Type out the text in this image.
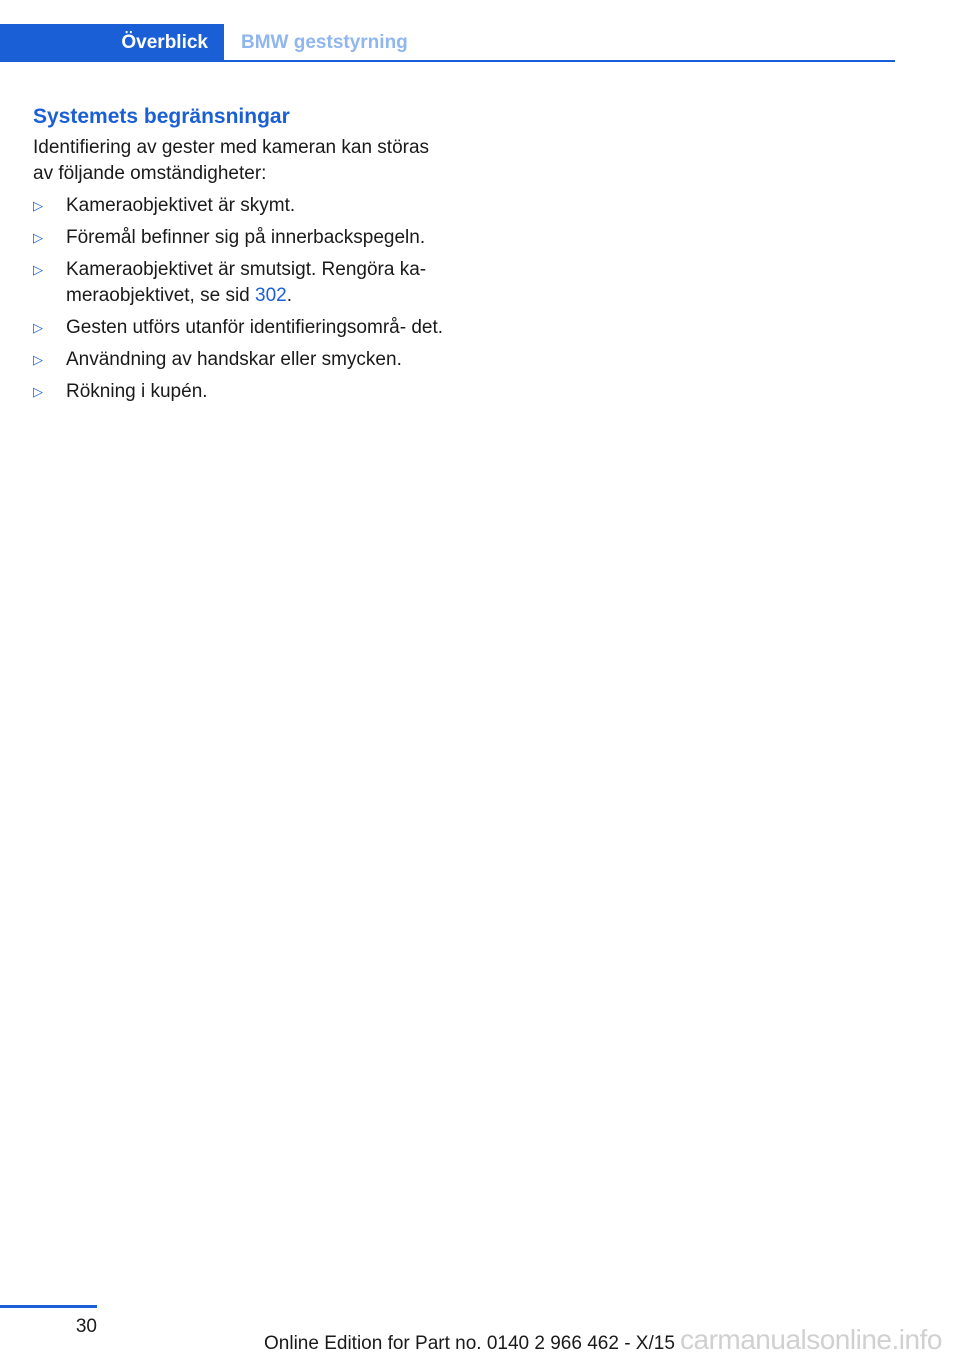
Överblick	BMW geststyrning
Systemets begränsningar

Identifiering av gester med kameran kan störas av följande omständigheter:

▷ Kameraobjektivet är skymt.
▷ Föremål befinner sig på innerbackspegeln.
▷ Kameraobjektivet är smutsigt. Rengöra ka‐ meraobjektivet, se sid 302.
▷ Gesten utförs utanför identifieringsområ‐ det.
▷ Användning av handskar eller smycken.
▷ Rökning i kupén.
30
Online Edition for Part no. 0140 2 966 462 - X/15 carmanualsonline.info
